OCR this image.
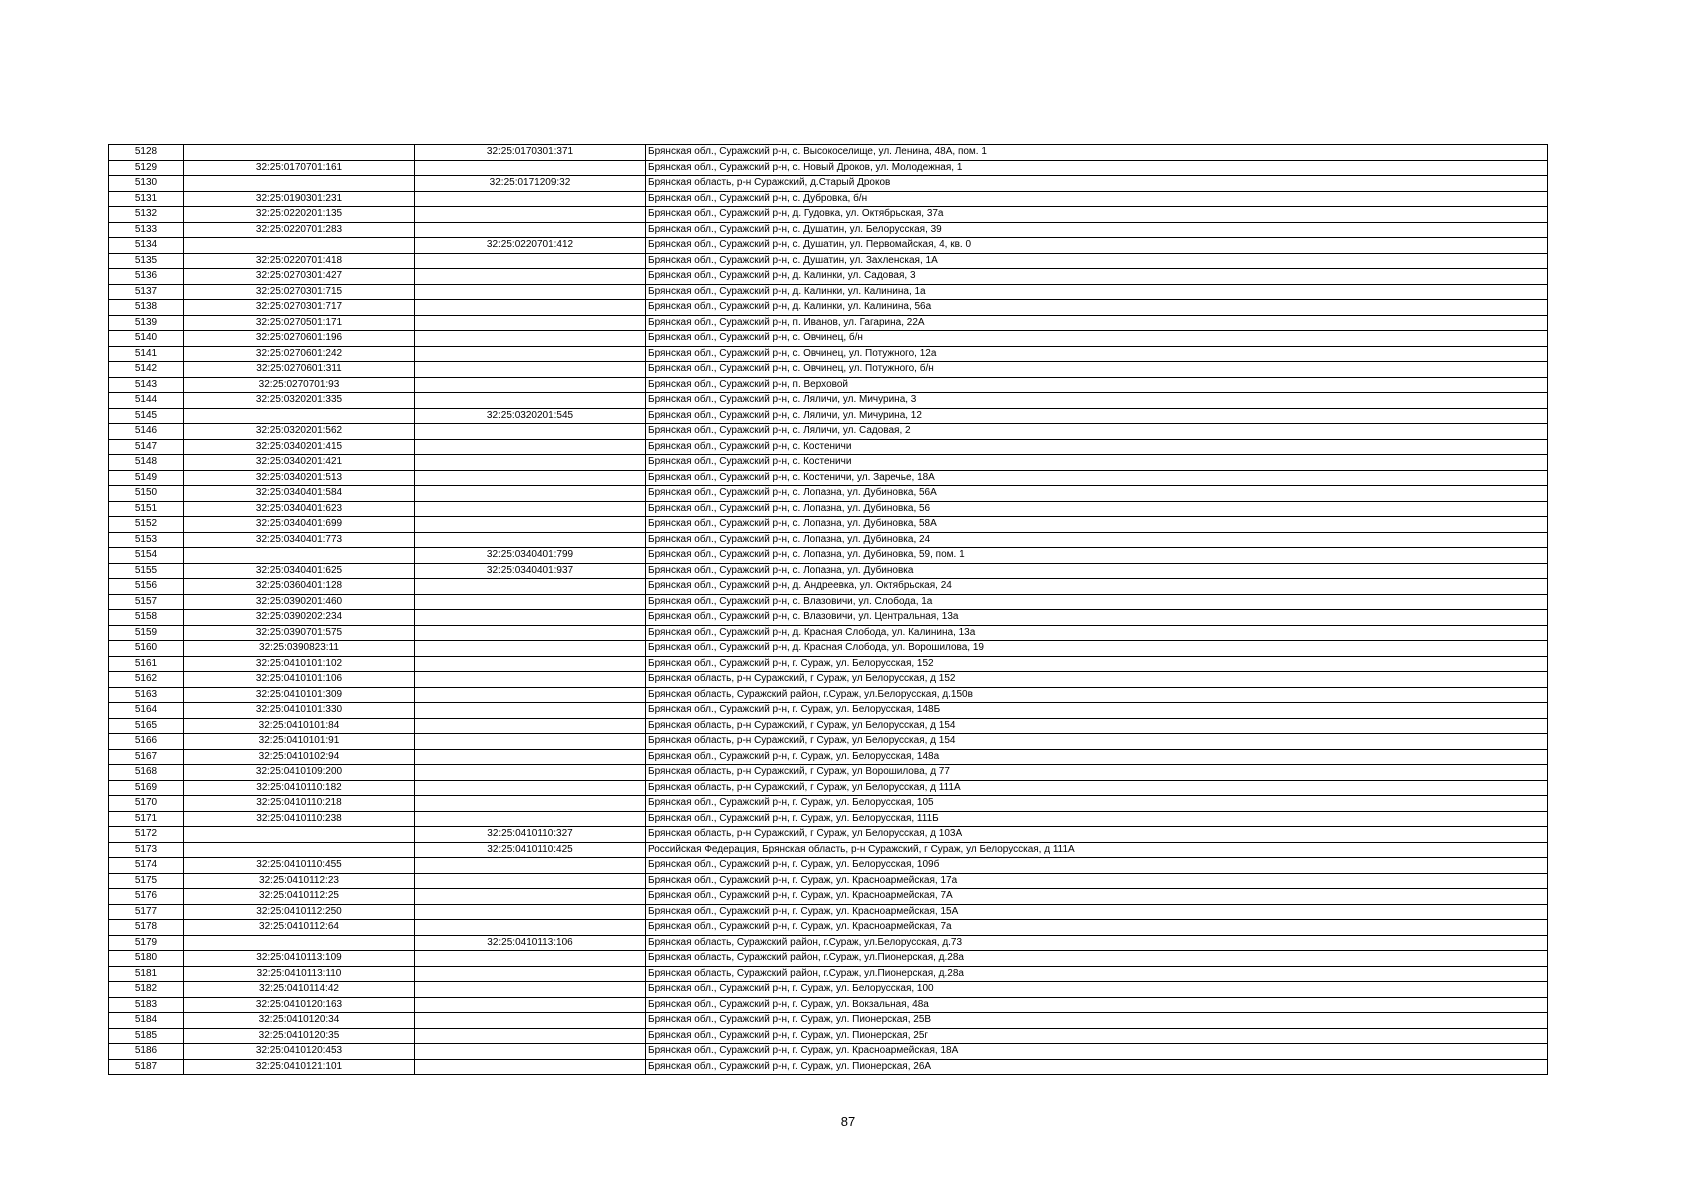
5128		32:25:0170301:371	Брянская обл., Суражский р-н, с. Высокоселище, ул. Ленина, 48А, пом. 1
5129	32:25:0170701:161		Брянская обл., Суражский р-н, с. Новый Дроков, ул. Молодежная, 1
5130		32:25:0171209:32	Брянская область, р-н Суражский, д.Старый Дроков
5131	32:25:0190301:231		Брянская обл., Суражский р-н, с. Дубровка, б/н
5132	32:25:0220201:135		Брянская обл., Суражский р-н, д. Гудовка, ул. Октябрьская, 37а
5133	32:25:0220701:283		Брянская обл., Суражский р-н, с. Душатин, ул. Белорусская, 39
5134		32:25:0220701:412	Брянская обл., Суражский р-н, с. Душатин, ул. Первомайская, 4, кв. 0
5135	32:25:0220701:418		Брянская обл., Суражский р-н, с. Душатин, ул. Захленская, 1А
5136	32:25:0270301:427		Брянская обл., Суражский р-н, д. Калинки, ул. Садовая, 3
5137	32:25:0270301:715		Брянская обл., Суражский р-н, д. Калинки, ул. Калинина, 1а
5138	32:25:0270301:717		Брянская обл., Суражский р-н, д. Калинки, ул. Калинина, 56а
5139	32:25:0270501:171		Брянская обл., Суражский р-н, п. Иванов, ул. Гагарина, 22А
5140	32:25:0270601:196		Брянская обл., Суражский р-н, с. Овчинец, б/н
5141	32:25:0270601:242		Брянская обл., Суражский р-н, с. Овчинец, ул. Потужного, 12а
5142	32:25:0270601:311		Брянская обл., Суражский р-н, с. Овчинец, ул. Потужного, б/н
5143	32:25:0270701:93		Брянская обл., Суражский р-н, п. Верховой
5144	32:25:0320201:335		Брянская обл., Суражский р-н, с. Ляличи, ул. Мичурина, 3
5145		32:25:0320201:545	Брянская обл., Суражский р-н, с. Ляличи, ул. Мичурина, 12
5146	32:25:0320201:562		Брянская обл., Суражский р-н, с. Ляличи, ул. Садовая, 2
5147	32:25:0340201:415		Брянская обл., Суражский р-н, с. Костеничи
5148	32:25:0340201:421		Брянская обл., Суражский р-н, с. Костеничи
5149	32:25:0340201:513		Брянская обл., Суражский р-н, с. Костеничи, ул. Заречье, 18А
5150	32:25:0340401:584		Брянская обл., Суражский р-н, с. Лопазна, ул. Дубиновка, 56А
5151	32:25:0340401:623		Брянская обл., Суражский р-н, с. Лопазна, ул. Дубиновка, 56
5152	32:25:0340401:699		Брянская обл., Суражский р-н, с. Лопазна, ул. Дубиновка, 58А
5153	32:25:0340401:773		Брянская обл., Суражский р-н, с. Лопазна, ул. Дубиновка, 24
5154		32:25:0340401:799	Брянская обл., Суражский р-н, с. Лопазна, ул. Дубиновка, 59, пом. 1
5155	32:25:0340401:625	32:25:0340401:937	Брянская обл., Суражский р-н, с. Лопазна, ул. Дубиновка
5156	32:25:0360401:128		Брянская обл., Суражский р-н, д. Андреевка, ул. Октябрьская, 24
5157	32:25:0390201:460		Брянская обл., Суражский р-н, с. Влазовичи, ул. Слобода, 1а
5158	32:25:0390202:234		Брянская обл., Суражский р-н, с. Влазовичи, ул. Центральная, 13а
5159	32:25:0390701:575		Брянская обл., Суражский р-н, д. Красная Слобода, ул. Калинина, 13а
5160	32:25:0390823:11		Брянская обл., Суражский р-н, д. Красная Слобода, ул. Ворошилова, 19
5161	32:25:0410101:102		Брянская обл., Суражский р-н, г. Сураж, ул. Белорусская, 152
5162	32:25:0410101:106		Брянская область, р-н Суражский, г Сураж, ул Белорусская, д 152
5163	32:25:0410101:309		Брянская область, Суражский район, г.Сураж, ул.Белорусская, д.150в
5164	32:25:0410101:330		Брянская обл., Суражский р-н, г. Сураж, ул. Белорусская, 148Б
5165	32:25:0410101:84		Брянская область, р-н Суражский, г Сураж, ул Белорусская, д 154
5166	32:25:0410101:91		Брянская область, р-н Суражский, г Сураж, ул Белорусская, д 154
5167	32:25:0410102:94		Брянская обл., Суражский р-н, г. Сураж, ул. Белорусская, 148а
5168	32:25:0410109:200		Брянская область, р-н Суражский, г Сураж, ул Ворошилова, д 77
5169	32:25:0410110:182		Брянская область, р-н Суражский, г Сураж, ул Белорусская, д 111А
5170	32:25:0410110:218		Брянская обл., Суражский р-н, г. Сураж, ул. Белорусская, 105
5171	32:25:0410110:238		Брянская обл., Суражский р-н, г. Сураж, ул. Белорусская, 111Б
5172		32:25:0410110:327	Брянская область, р-н Суражский, г Сураж, ул Белорусская, д 103А
5173		32:25:0410110:425	Российская Федерация, Брянская область, р-н Суражский, г Сураж, ул Белорусская, д 111А
5174	32:25:0410110:455		Брянская обл., Суражский р-н, г. Сураж, ул. Белорусская, 109б
5175	32:25:0410112:23		Брянская обл., Суражский р-н, г. Сураж, ул. Красноармейская, 17а
5176	32:25:0410112:25		Брянская обл., Суражский р-н, г. Сураж, ул. Красноармейская, 7А
5177	32:25:0410112:250		Брянская обл., Суражский р-н, г. Сураж, ул. Красноармейская, 15А
5178	32:25:0410112:64		Брянская обл., Суражский р-н, г. Сураж, ул. Красноармейская, 7а
5179		32:25:0410113:106	Брянская область, Суражский район, г.Сураж, ул.Белорусская, д.73
5180	32:25:0410113:109		Брянская область, Суражский район, г.Сураж, ул.Пионерская, д.28а
5181	32:25:0410113:110		Брянская область, Суражский район, г.Сураж, ул.Пионерская, д.28а
5182	32:25:0410114:42		Брянская обл., Суражский р-н, г. Сураж, ул. Белорусская, 100
5183	32:25:0410120:163		Брянская обл., Суражский р-н, г. Сураж, ул. Вокзальная, 48а
5184	32:25:0410120:34		Брянская обл., Суражский р-н, г. Сураж, ул. Пионерская, 25В
5185	32:25:0410120:35		Брянская обл., Суражский р-н, г. Сураж, ул. Пионерская, 25г
5186	32:25:0410120:453		Брянская обл., Суражский р-н, г. Сураж, ул. Красноармейская, 18А
5187	32:25:0410121:101		Брянская обл., Суражский р-н, г. Сураж, ул. Пионерская, 26А
87
